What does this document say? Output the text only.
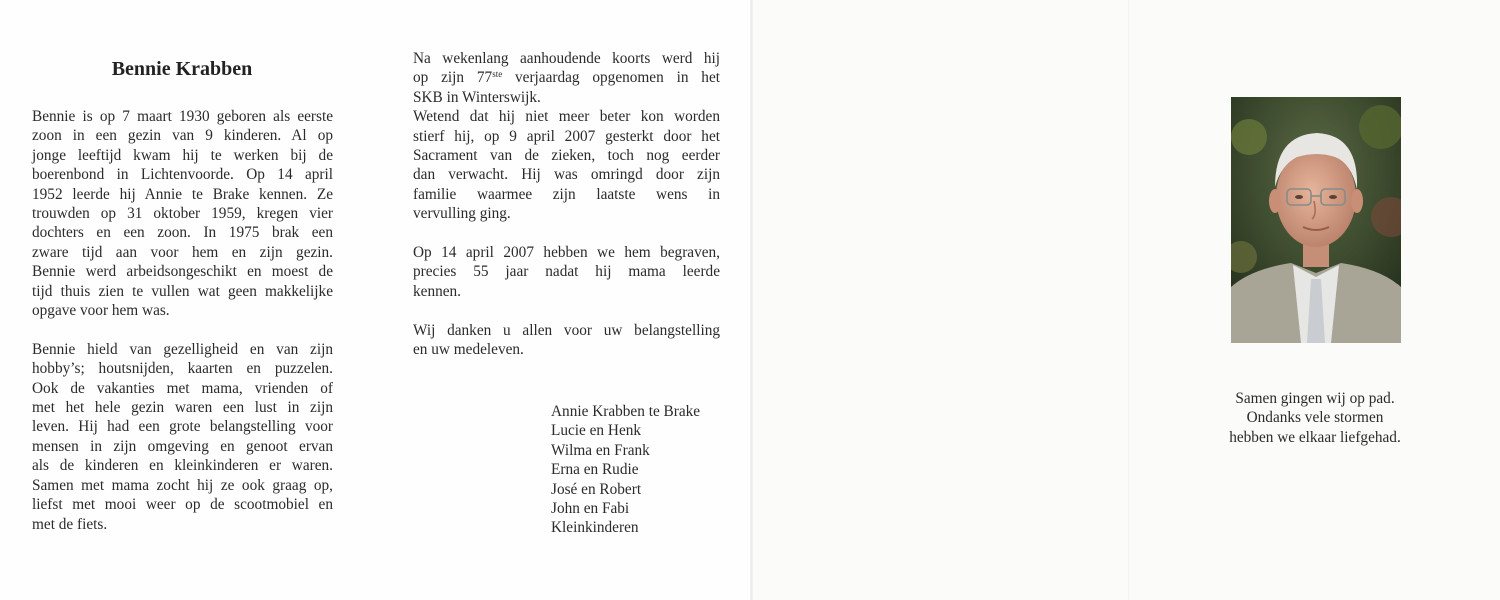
Bennie Krabben

Bennie is op 7 maart 1930 geboren als eerste
zoon in een gezin van 9 kinderen. Al op
jonge leeftijd kwam hij te werken bij de
boerenbond in Lichtenvoorde. Op 14 april
1952 leerde hij Annie te Brake kennen. Ze
trouwden op 31 oktober 1959, kregen vier
dochters en een zoon. In 1975 brak een
zware tijd aan voor hem en zijn gezin.
Bennie werd arbeidsongeschikt en moest de
tijd thuis zien te vullen wat geen makkelijke
opgave voor hem was.

Bennie hield van gezelligheid en van zijn
hobby’s; houtsnijden, kaarten en puzzelen.
Ook de vakanties met mama, vrienden of
met het hele gezin waren een lust in zijn
leven. Hij had een grote belangstelling voor
mensen in zijn omgeving en genoot ervan
als de kinderen en kleinkinderen er waren.
Samen met mama zocht hij ze ook graag op,
liefst met mooi weer op de scootmobiel en
met de fiets.

Na wekenlang aanhoudende koorts werd hij
op zijn 77ste verjaardag opgenomen in het
SKB in Winterswijk.

Wetend dat hij niet meer beter kon worden
stierf hij, op 9 april 2007 gesterkt door het
Sacrament van de zieken, toch nog eerder
dan verwacht. Hij was omringd door zijn
familie waarmee zijn laatste wens in
vervulling ging.

Op 14 april 2007 hebben we hem begraven,
precies 55 jaar nadat hij mama leerde
kennen.

Wij danken u allen voor uw belangstelling
en uw medeleven.

Annie Krabben te Brake
Lucie en Henk
Wilma en Frank
Erna en Rudie
José en Robert
John en Fabi
Kleinkinderen
Samen gingen wij op pad.
Ondanks vele stormen
hebben we elkaar liefgehad.
